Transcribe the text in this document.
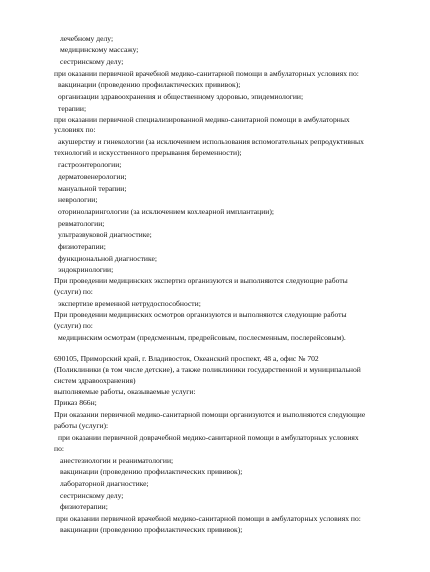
лечебному делу;

медицинскому массажу;

сестринскому делу;

при оказании первичной врачебной медико-санитарной помощи в амбулаторных условиях по:

вакцинации (проведению профилактических прививок);

организации здравоохранения и общественному здоровью, эпидемиологии;

терапии;

при оказании первичной специализированной медико-санитарной помощи в амбулаторных

условиях по:

акушерству и гинекологии (за исключением использования вспомогательных репродуктивных

технологий и искусственного прерывания беременности);

гастроэнтерологии;

дерматовенерологии;

мануальной терапии;

неврологии;

оториноларингологии (за исключением кохлеарной имплантации);

ревматологии;

ультразвуковой диагностике;

физиотерапии;

функциональной диагностике;

эндокринологии;

При проведении медицинских экспертиз организуются и выполняются следующие работы

(услуги) по:

экспертизе временной нетрудоспособности;

При проведении медицинских осмотров организуются и выполняются следующие работы

(услуги) по:

медицинским осмотрам (предсменным, предрейсовым, послесменным, послерейсовым).

690105, Приморский край, г. Владивосток, Океанский проспект, 48 а, офис № 702

(Поликлиники (в том числе детские), а также поликлиники государственной и муниципальной

систем здравоохранения)

выполняемые работы, оказываемые услуги:

Приказ 866н;

При оказании первичной медико-санитарной помощи организуются и выполняются следующие

работы (услуги):

при оказании первичной доврачебной медико-санитарной помощи в амбулаторных условиях

по:

анестезиологии и реаниматологии;

вакцинации (проведению профилактических прививок);

лабораторной диагностике;

сестринскому делу;

физиотерапии;

при оказании первичной врачебной медико-санитарной помощи в амбулаторных условиях по:

вакцинации (проведению профилактических прививок);
